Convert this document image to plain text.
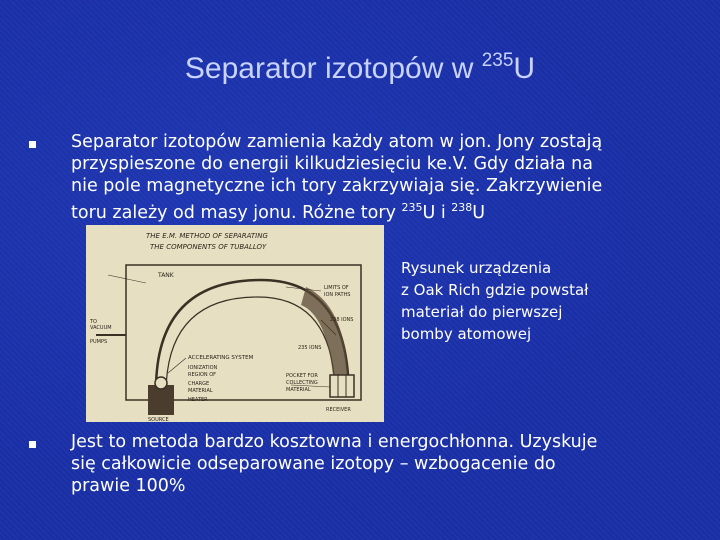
Separator izotopów w $^{235}$U
Separator izotopów zamienia każdy atom w jon. Jony zostają
przyspieszone do energii kilkudziesięciu ke.V. Gdy działa na
nie pole magnetyczne ich tory zakrzywiaja się. Zakrzywienie
toru zależy od masy jonu. Różne tory $^{235}$U i $^{238}$U
THE E.M. METHOD OF SEPARATING
THE COMPONENTS OF TUBALLOY
TANK
LIMITS OF
ION PATHS
238 IONS
235 IONS
TO
VACUUM
PUMPS
ACCELERATING SYSTEM
IONIZATION
REGION OF
CHARGE
MATERIAL
HEATER
POCKET FOR
COLLECTING
MATERIAL
SOURCE
RECEIVER
Rysunek urządzenia
z Oak Rich gdzie powstał
materiał do pierwszej
bomby atomowej
Jest to metoda bardzo kosztowna i energochłonna. Uzyskuje
się całkowicie odseparowane izotopy – wzbogacenie do
prawie 100%
